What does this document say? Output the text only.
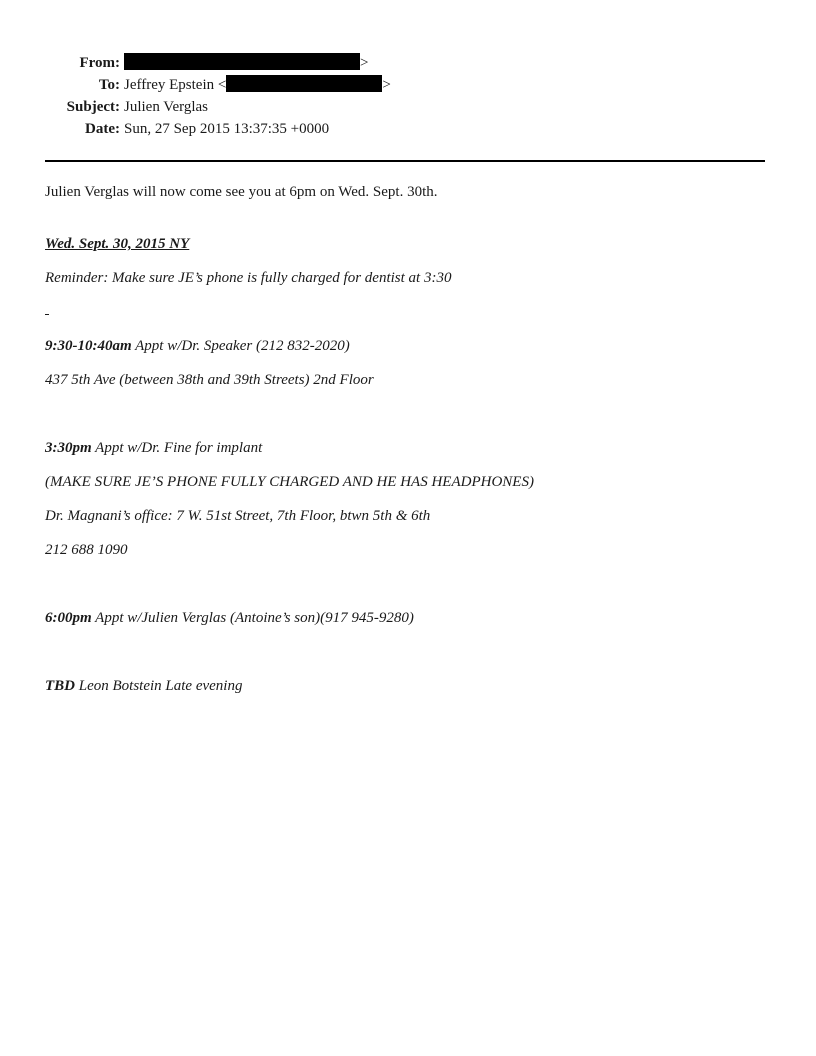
From:	>
To: Jeffrey Epstein <	>
Subject: Julien Verglas
Date: Sun, 27 Sep 2015 13:37:35 +0000
Julien Verglas will now come see you at 6pm on Wed. Sept. 30th.
Wed. Sept. 30, 2015 NY
Reminder: Make sure JE’s phone is fully charged for dentist at 3:30
9:30-10:40am Appt w/Dr. Speaker (212 832-2020)
437 5th Ave (between 38th and 39th Streets) 2nd Floor
3:30pm Appt w/Dr. Fine for implant
(MAKE SURE JE’S PHONE FULLY CHARGED AND HE HAS HEADPHONES)
Dr. Magnani’s office: 7 W. 51st Street, 7th Floor, btwn 5th & 6th
212 688 1090
6:00pm Appt w/Julien Verglas (Antoine’s son)(917 945-9280)
TBD Leon Botstein Late evening
